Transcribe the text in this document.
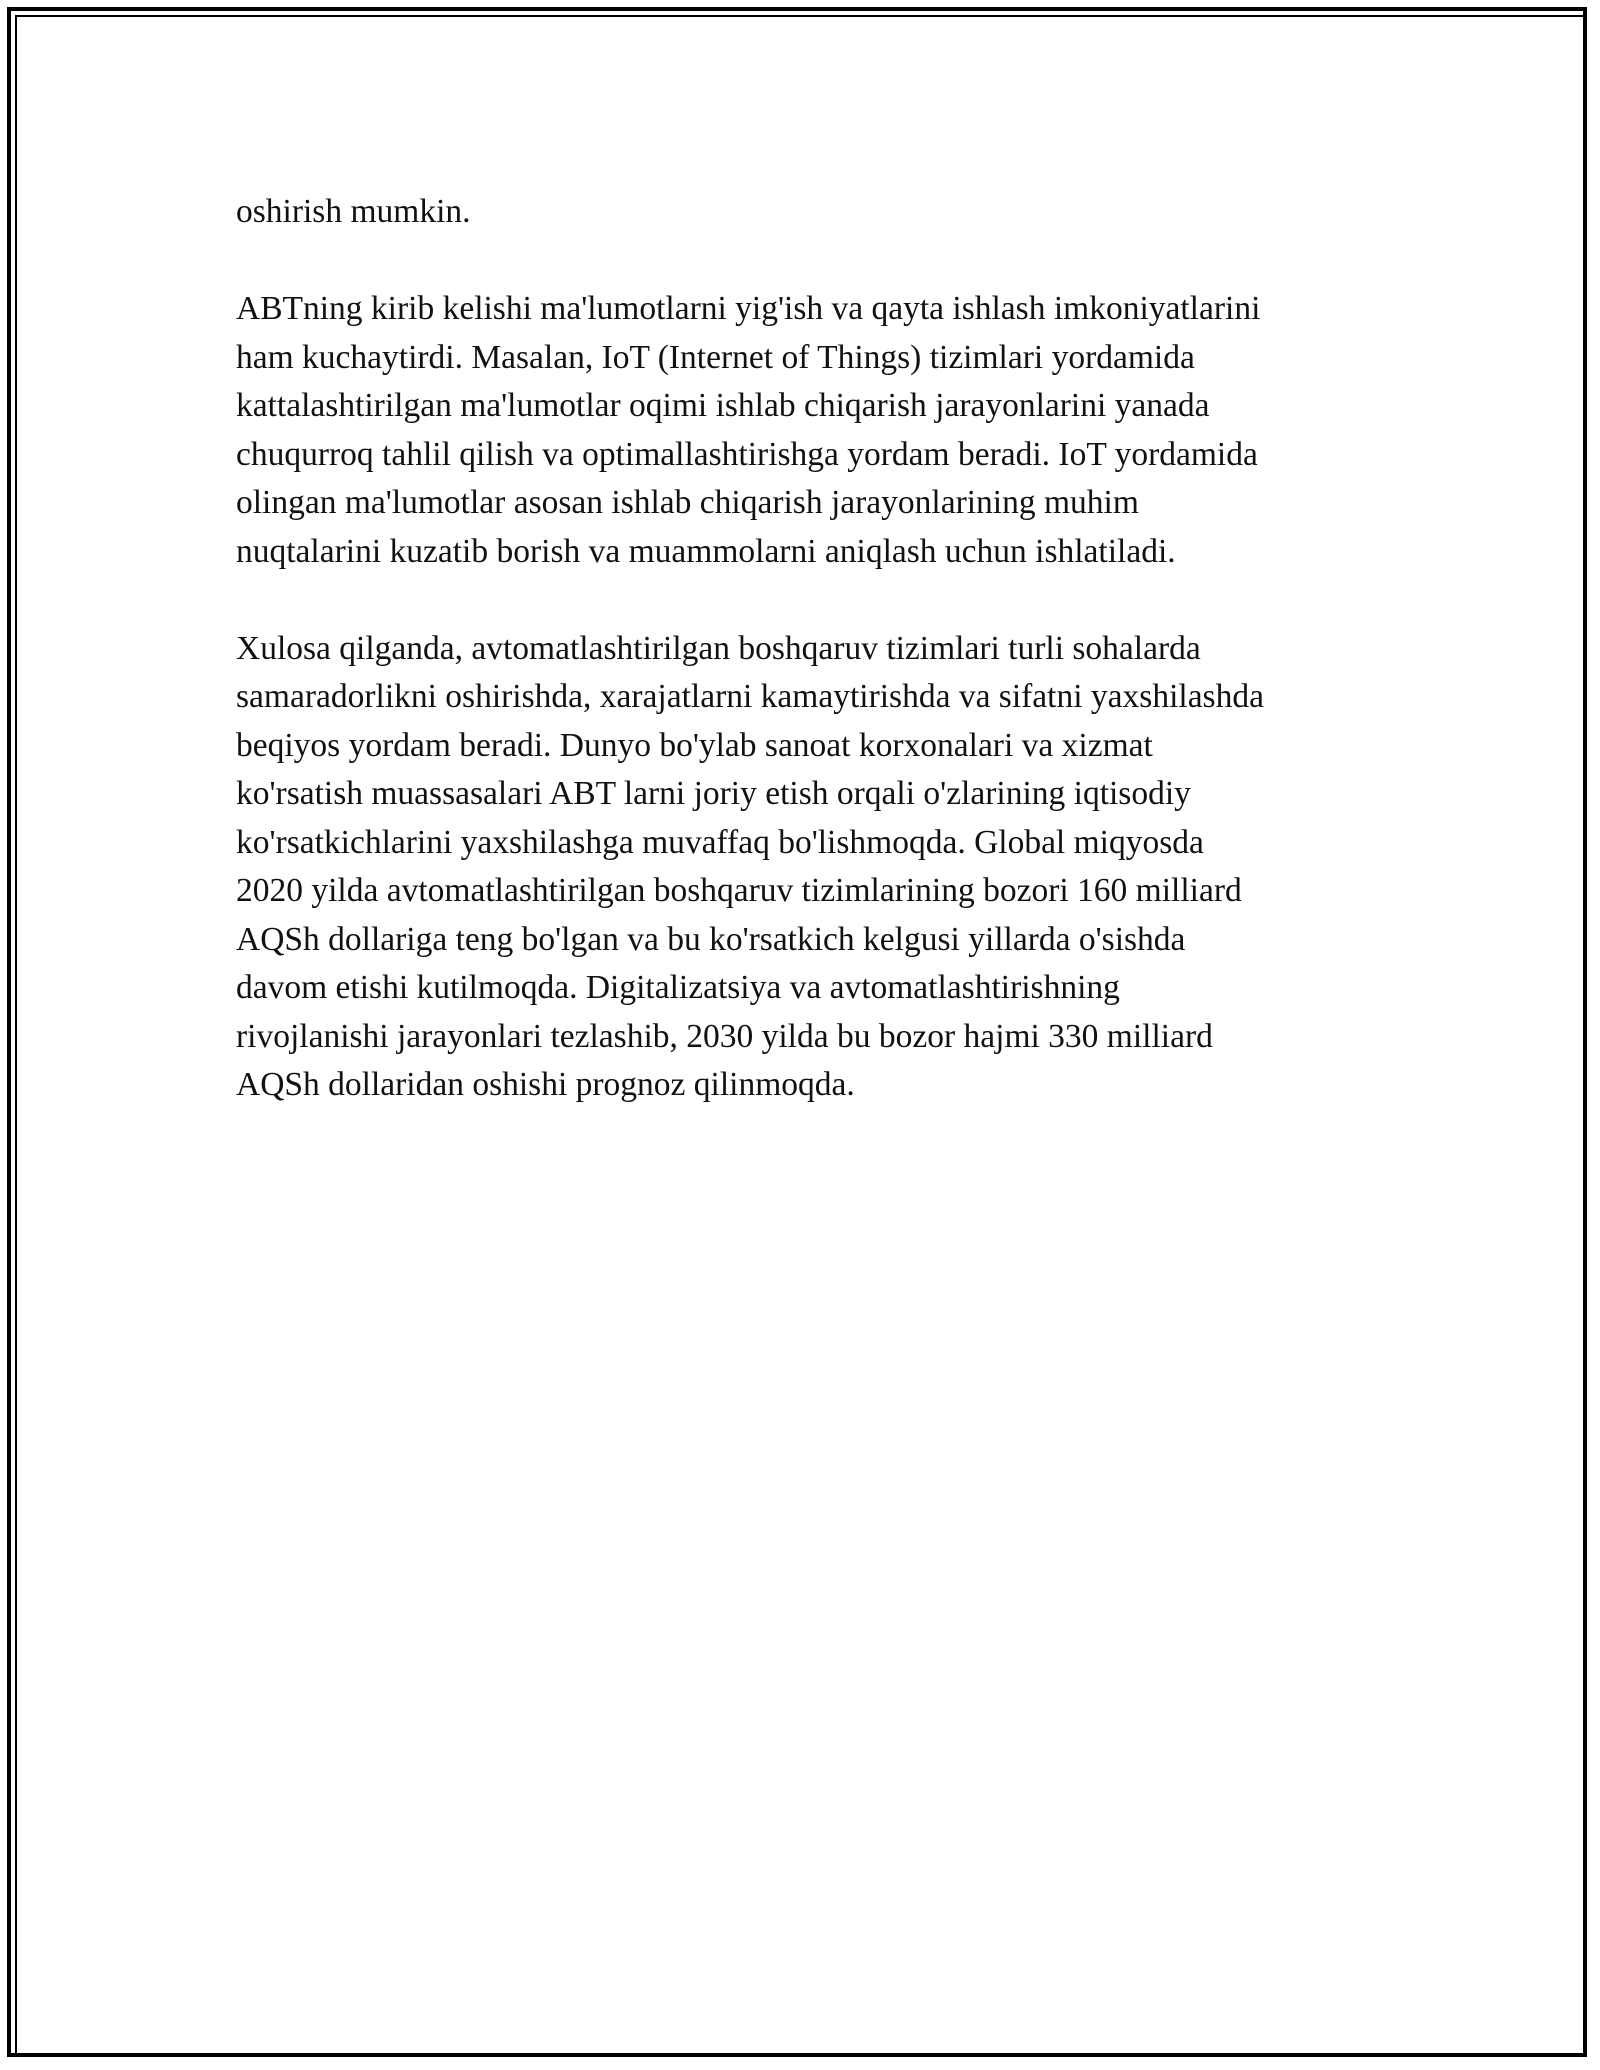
oshirish mumkin.

ABTning kirib kelishi ma'lumotlarni yig'ish va qayta ishlash imkoniyatlarini
ham kuchaytirdi. Masalan, IoT (Internet of Things) tizimlari yordamida
kattalashtirilgan ma'lumotlar oqimi ishlab chiqarish jarayonlarini yanada
chuqurroq tahlil qilish va optimallashtirishga yordam beradi. IoT yordamida
olingan ma'lumotlar asosan ishlab chiqarish jarayonlarining muhim
nuqtalarini kuzatib borish va muammolarni aniqlash uchun ishlatiladi.

Xulosa qilganda, avtomatlashtirilgan boshqaruv tizimlari turli sohalarda
samaradorlikni oshirishda, xarajatlarni kamaytirishda va sifatni yaxshilashda
beqiyos yordam beradi. Dunyo bo'ylab sanoat korxonalari va xizmat
ko'rsatish muassasalari ABT larni joriy etish orqali o'zlarining iqtisodiy
ko'rsatkichlarini yaxshilashga muvaffaq bo'lishmoqda. Global miqyosda
2020 yilda avtomatlashtirilgan boshqaruv tizimlarining bozori 160 milliard
AQSh dollariga teng bo'lgan va bu ko'rsatkich kelgusi yillarda o'sishda
davom etishi kutilmoqda. Digitalizatsiya va avtomatlashtirishning
rivojlanishi jarayonlari tezlashib, 2030 yilda bu bozor hajmi 330 milliard
AQSh dollaridan oshishi prognoz qilinmoqda.
